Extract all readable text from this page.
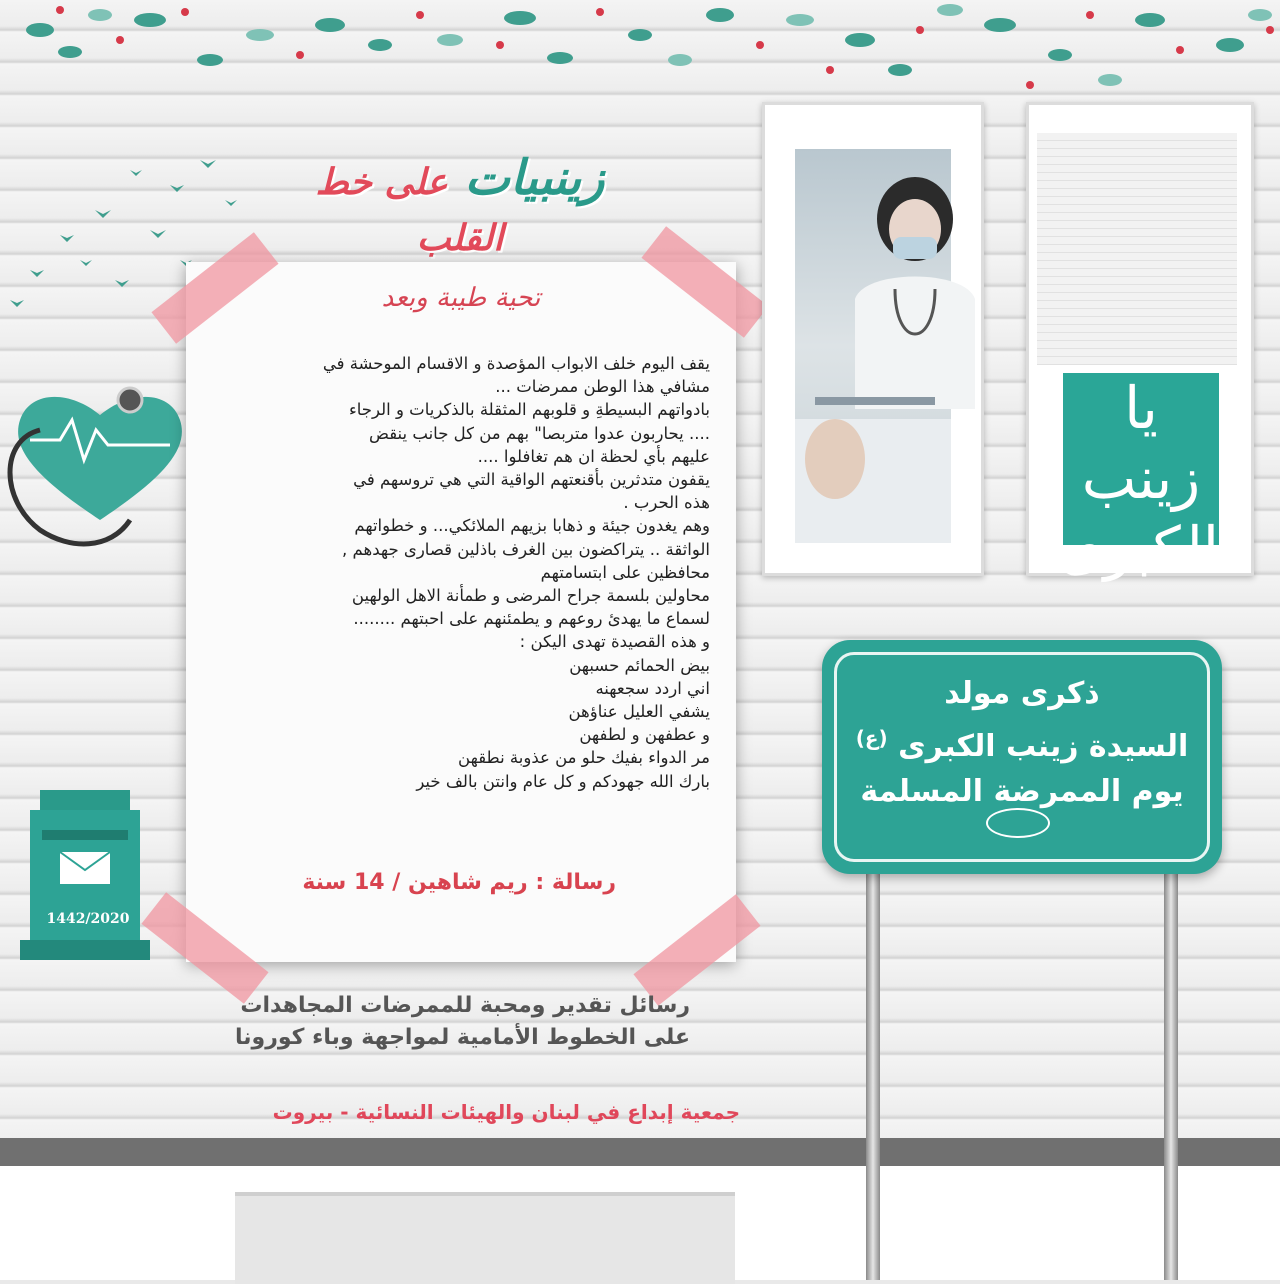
زينبيات على خط القلب
1442/2020
تحية طيبة وبعد
يقف اليوم خلف الابواب المؤصدة و الاقسام الموحشة في
مشافي هذا الوطن ممرضات ...
بادواتهم البسيطةِ و قلوبهم المثقلة بالذكريات و الرجاء
.... يحاربون عدوا متربصا" بهم من كل جانب ينقض
عليهم بأي لحظة ان هم تغافلوا ....
يقفون متدثرين بأقنعتهم الواقية التي هي تروسهم في
هذه الحرب .
وهم يغدون جيئة و ذهابا بزيهم الملائكي... و خطواتهم
الواثقة .. يتراكضون بين الغرف باذلين قصارى جهدهم ,
محافظين على ابتسامتهم
محاولين بلسمة جراح المرضى و طمأنة الاهل الولهين
لسماع ما يهدئ روعهم و يطمئنهم على احبتهم ........
و هذه القصيدة تهدى اليكن :
بيض الحمائم حسبهن
اني اردد سجعهنه
يشفي العليل عناؤهن
و عطفهن و لطفهن
مر الدواء بفيك حلو من عذوبة نطقهن
بارك الله جهودكم و كل عام وانتن بالف خير
رسالة : ريم شاهين / 14 سنة
رسائل تقدير ومحبة للممرضات المجاهدات
على الخطوط الأمامية لمواجهة وباء كورونا
جمعية إبداع في لبنان والهيئات النسائية - بيروت
يا زينب الكبرى
ذكرى مولد
السيدة زينب الكبرى $^{(ع)}$
يوم الممرضة المسلمة
